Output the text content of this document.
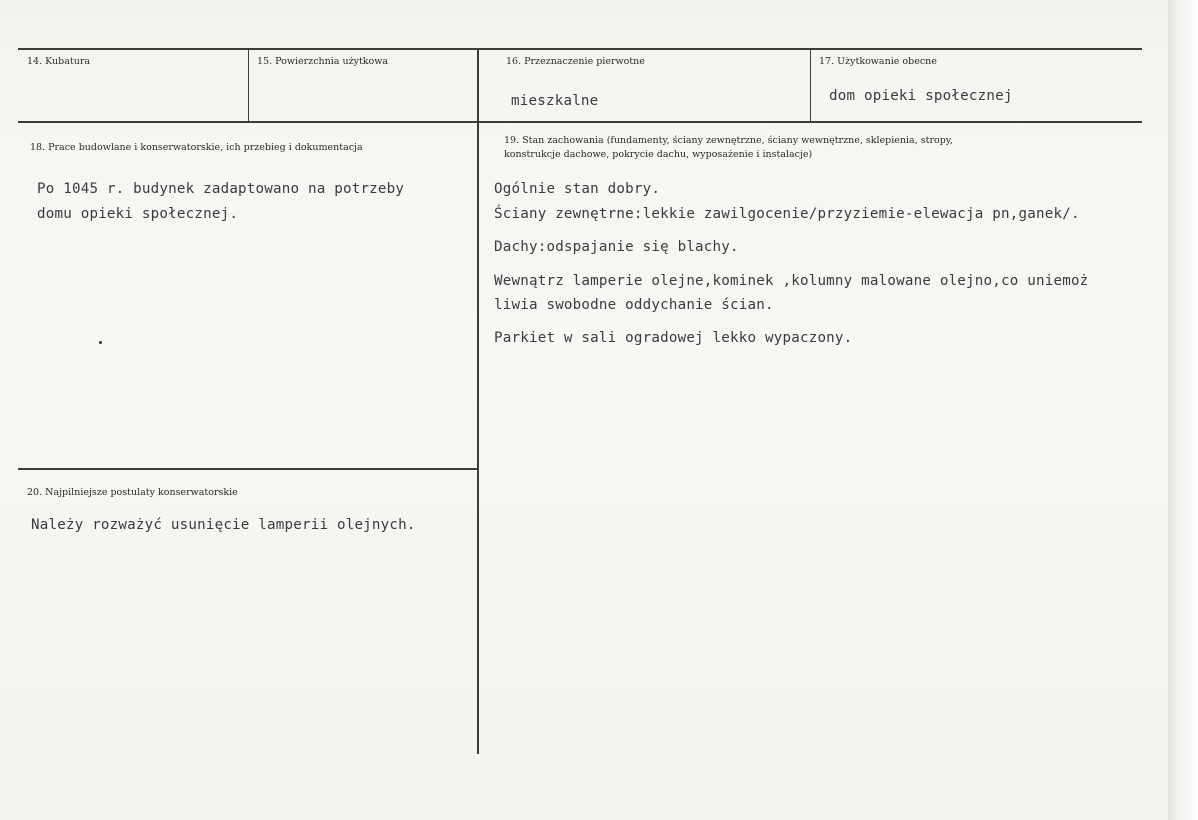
14. Kubatura	15. Powierzchnia użytkowa	16. Przeznaczenie pierwotne
mieszkalne
17. Użytkowanie obecne
dom opieki społecznej
18. Prace budowlane i konserwatorskie, ich przebieg i dokumentacja
Po 1045 r. budynek zadaptowano na potrzeby
domu opieki społecznej.
19. Stan zachowania (fundamenty, ściany zewnętrzne, ściany wewnętrzne, sklepienia, stropy,
konstrukcje dachowe, pokrycie dachu, wyposażenie i instalacje)
Ogólnie stan dobry.
Ściany zewnętrne:lekkie zawilgocenie/przyziemie-elewacja pn,ganek/.
Dachy:odspajanie się blachy.
Wewnątrz lamperie olejne,kominek ,kolumny malowane olejno,co uniemoż
liwia swobodne oddychanie ścian.
Parkiet w sali ogradowej lekko wypaczony.
20. Najpilniejsze postulaty konserwatorskie
Należy rozważyć usunięcie lamperii olejnych.
